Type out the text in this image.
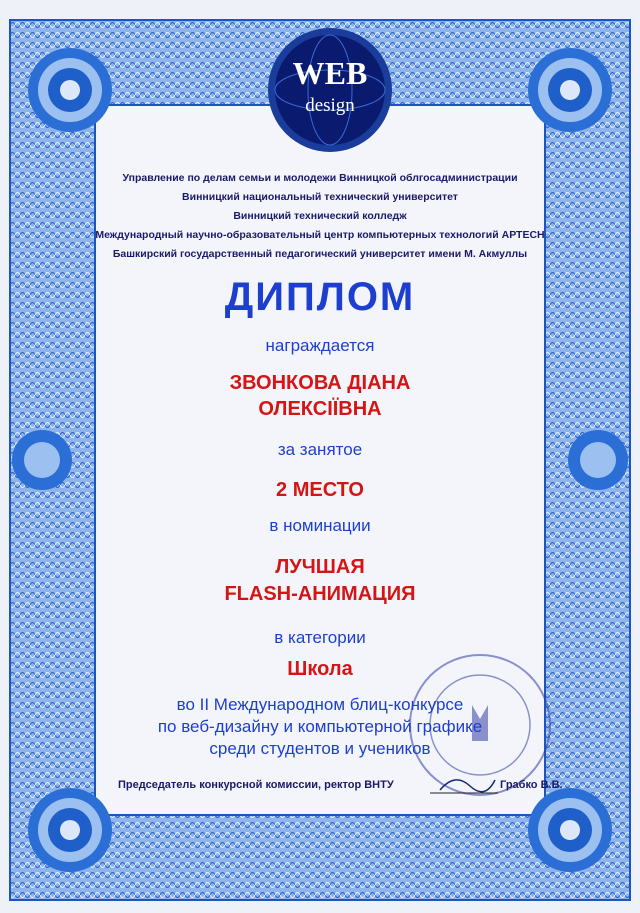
WEB
design
Управление по делам семьи и молодежи Винницкой облгосадминистрации
Винницкий национальный технический университет
Винницкий технический колледж
Международный научно-образовательный центр компьютерных технологий АРТЕСН
Башкирский государственный педагогический университет имени М. Акмуллы
ДИПЛОМ
награждается
ЗВОНКОВА ДІАНА
ОЛЕКСІЇВНА
за занятое
2 МЕСТО
в номинации
ЛУЧШАЯ
FLASH-АНИМАЦИЯ
в категории
Школа
во II Международном блиц-конкурсе
по веб-дизайну и компьютерной графике
среди студентов и учеников
Председатель конкурсной комиссии, ректор ВНТУ	Грабко В.В.
